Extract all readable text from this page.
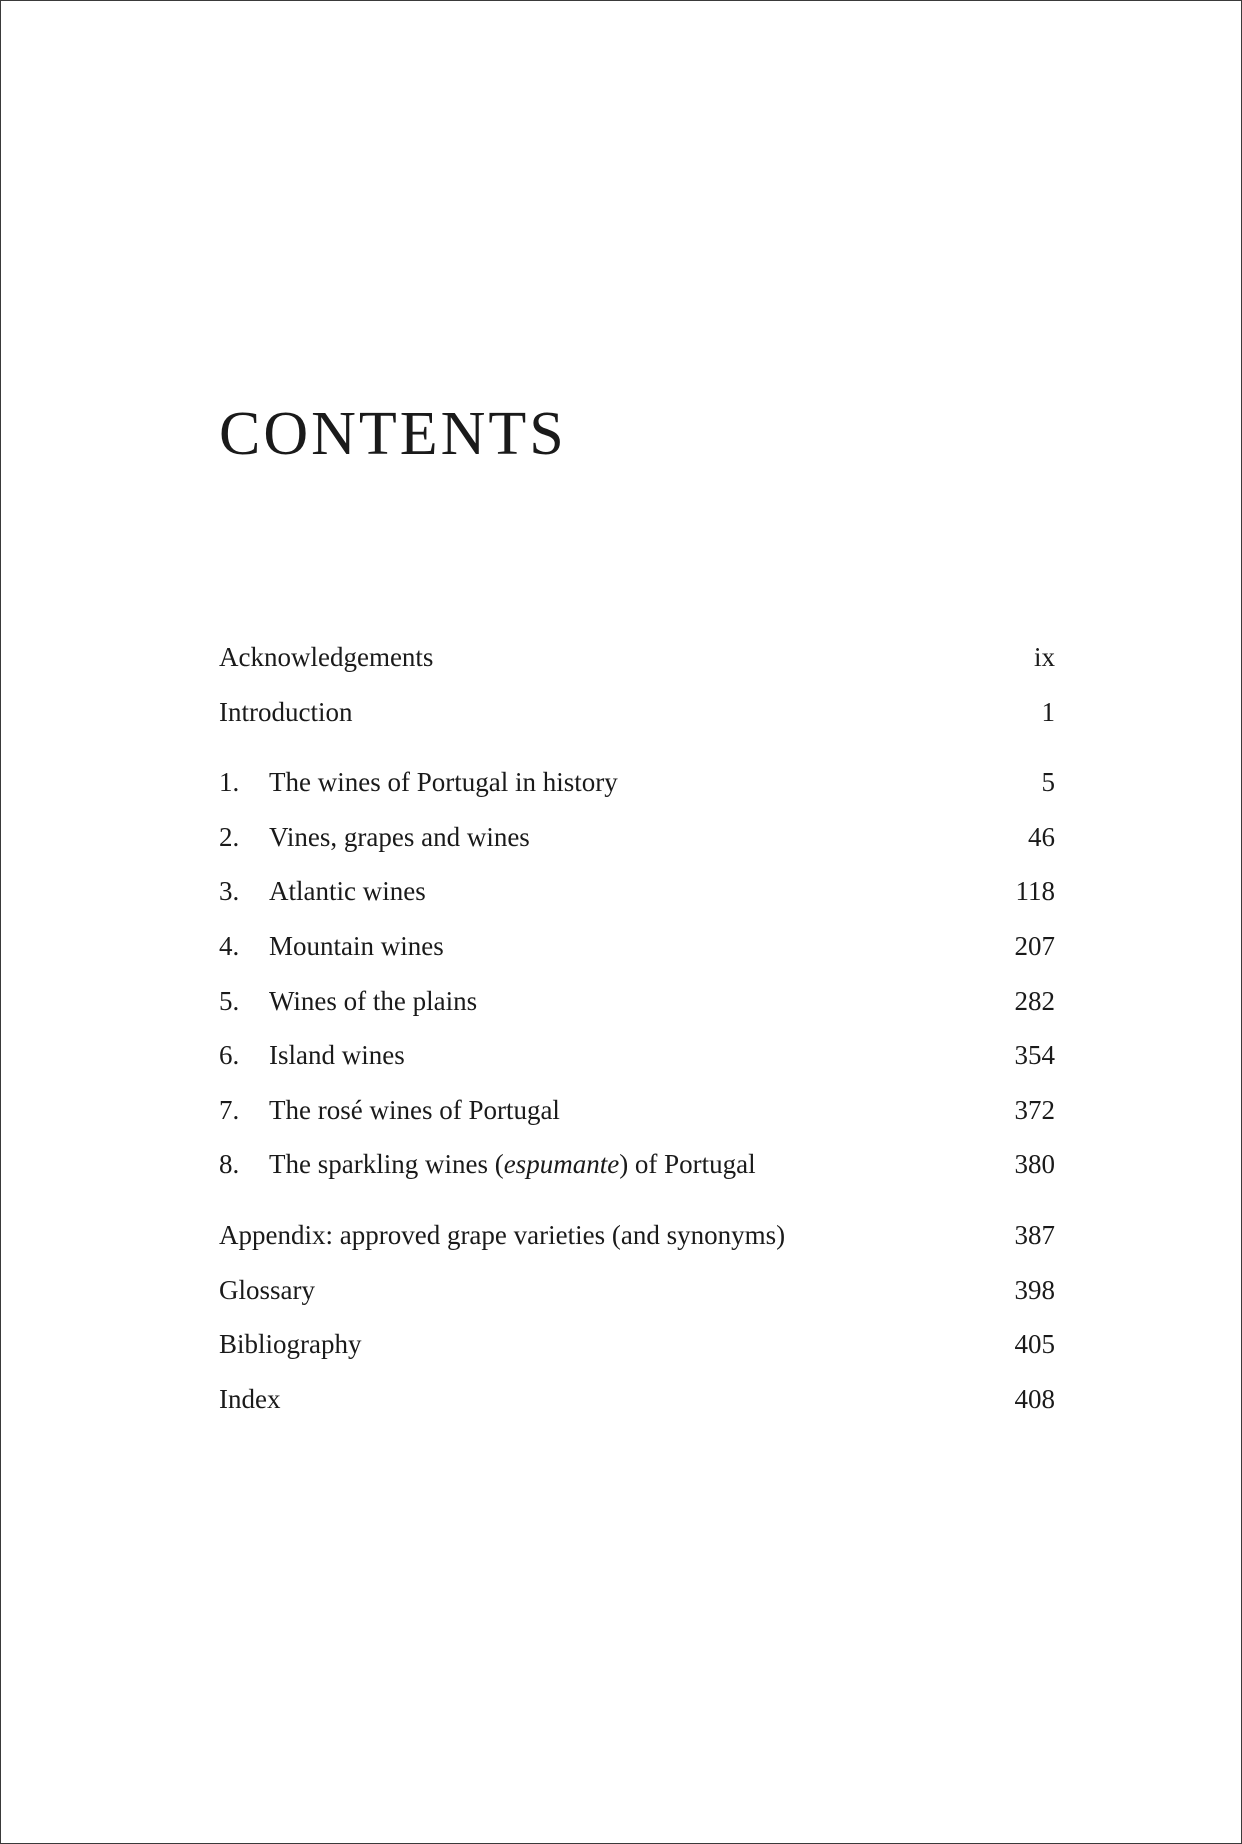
CONTENTS
Acknowledgements	ix
Introduction	1
1.	The wines of Portugal in history	5
2.	Vines, grapes and wines	46
3.	Atlantic wines	118
4.	Mountain wines	207
5.	Wines of the plains	282
6.	Island wines	354
7.	The rosé wines of Portugal	372
8.	The sparkling wines (espumante) of Portugal	380
Appendix: approved grape varieties (and synonyms)	387
Glossary	398
Bibliography	405
Index	408
